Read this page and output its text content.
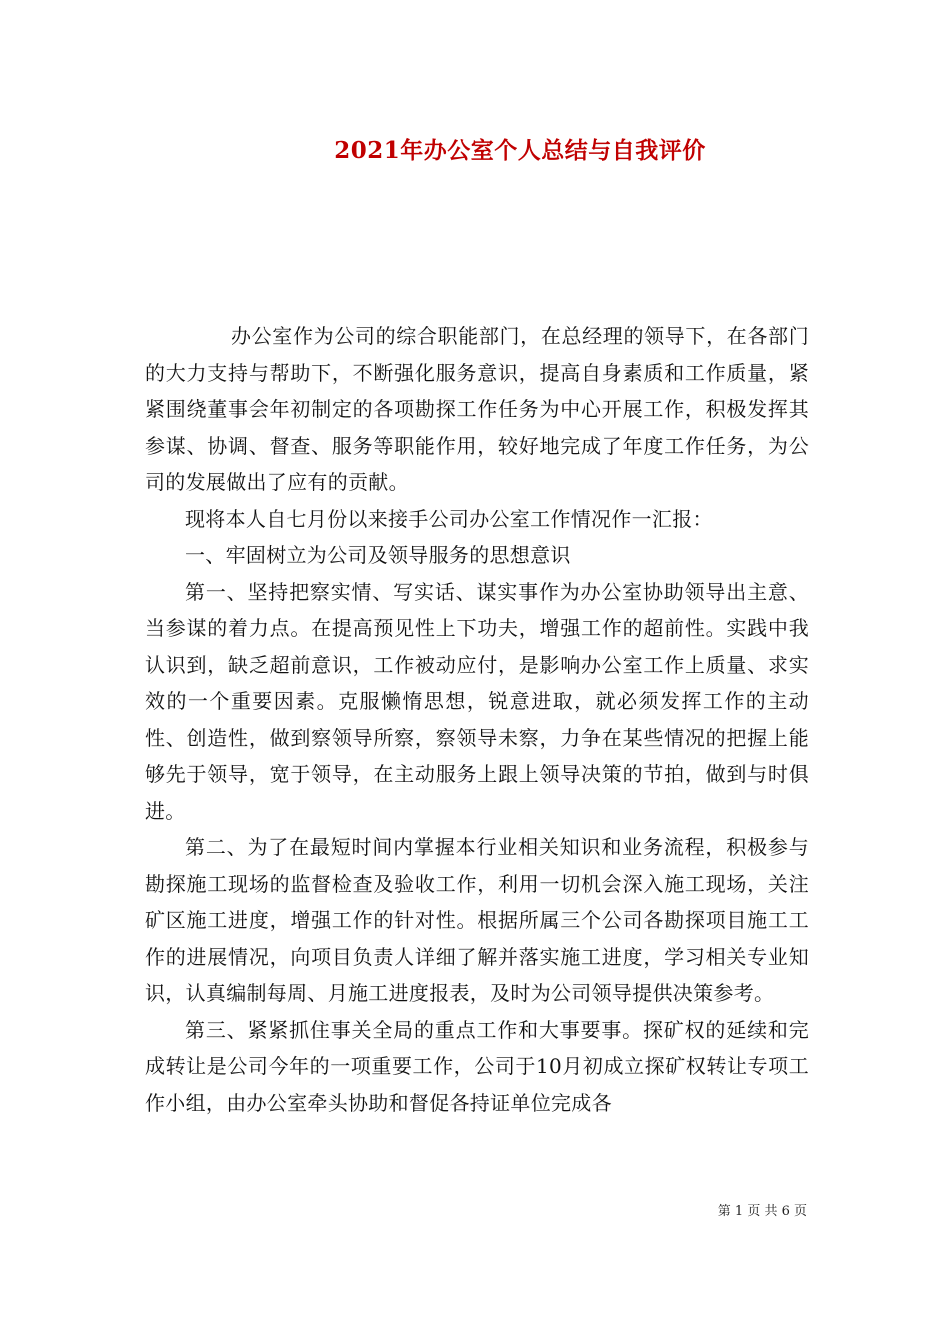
2021年办公室个人总结与自我评价

办公室作为公司的综合职能部门，在总经理的领导下，在各部门的大力支持与帮助下，不断强化服务意识，提高自身素质和工作质量，紧紧围绕董事会年初制定的各项勘探工作任务为中心开展工作，积极发挥其参谋、协调、督查、服务等职能作用，较好地完成了年度工作任务，为公司的发展做出了应有的贡献。

现将本人自七月份以来接手公司办公室工作情况作一汇报：

一、牢固树立为公司及领导服务的思想意识

第一、坚持把察实情、写实话、谋实事作为办公室协助领导出主意、当参谋的着力点。在提高预见性上下功夫，增强工作的超前性。实践中我认识到，缺乏超前意识，工作被动应付，是影响办公室工作上质量、求实效的一个重要因素。克服懒惰思想，锐意进取，就必须发挥工作的主动性、创造性，做到察领导所察，察领导未察，力争在某些情况的把握上能够先于领导，宽于领导，在主动服务上跟上领导决策的节拍，做到与时俱进。

第二、为了在最短时间内掌握本行业相关知识和业务流程，积极参与勘探施工现场的监督检查及验收工作，利用一切机会深入施工现场，关注矿区施工进度，增强工作的针对性。根据所属三个公司各勘探项目施工工作的进展情况，向项目负责人详细了解并落实施工进度，学习相关专业知识，认真编制每周、月施工进度报表，及时为公司领导提供决策参考。

第三、紧紧抓住事关全局的重点工作和大事要事。探矿权的延续和完成转让是公司今年的一项重要工作，公司于10月初成立探矿权转让专项工作小组，由办公室牵头协助和督促各持证单位完成各

第 1 页 共 6 页
